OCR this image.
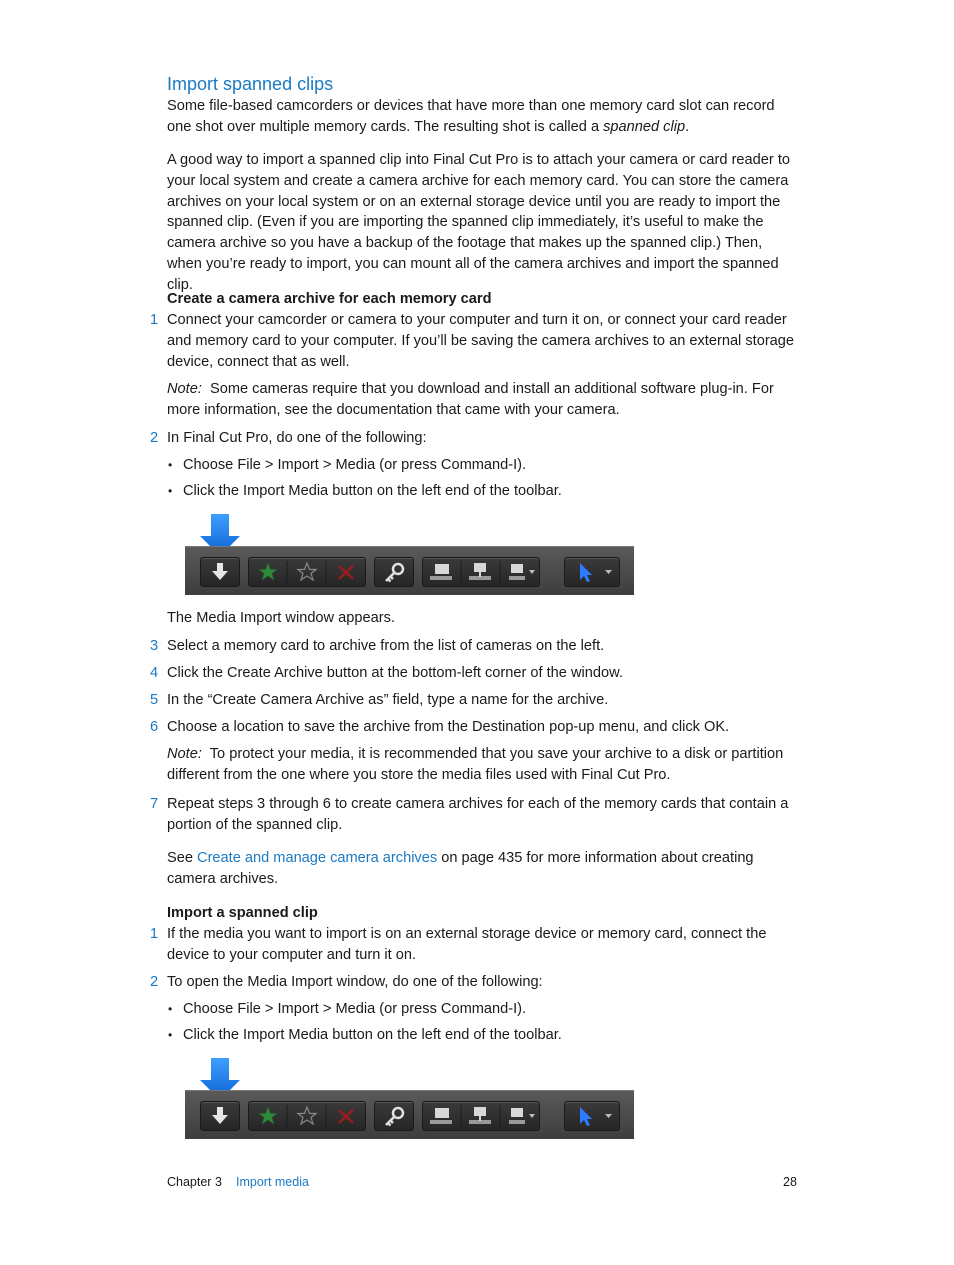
Import spanned clips

Some file-based camcorders or devices that have more than one memory card slot can record one shot over multiple memory cards. The resulting shot is called a spanned clip.

A good way to import a spanned clip into Final Cut Pro is to attach your camera or card reader to your local system and create a camera archive for each memory card. You can store the camera archives on your local system or on an external storage device until you are ready to import the spanned clip. (Even if you are importing the spanned clip immediately, it’s useful to make the camera archive so you have a backup of the footage that makes up the spanned clip.) Then, when you’re ready to import, you can mount all of the camera archives and import the spanned clip.

Create a camera archive for each memory card

1 Connect your camcorder or camera to your computer and turn it on, or connect your card reader and memory card to your computer. If you’ll be saving the camera archives to an external storage device, connect that as well.

Note: Some cameras require that you download and install an additional software plug-in. For more information, see the documentation that came with your camera.

2 In Final Cut Pro, do one of the following:

• Choose File > Import > Media (or press Command-I).

• Click the Import Media button on the left end of the toolbar.

The Media Import window appears.

3 Select a memory card to archive from the list of cameras on the left.

4 Click the Create Archive button at the bottom-left corner of the window.

5 In the “Create Camera Archive as” field, type a name for the archive.

6 Choose a location to save the archive from the Destination pop-up menu, and click OK.

Note: To protect your media, it is recommended that you save your archive to a disk or partition different from the one where you store the media files used with Final Cut Pro.

7 Repeat steps 3 through 6 to create camera archives for each of the memory cards that contain a portion of the spanned clip.

See Create and manage camera archives on page 435 for more information about creating camera archives.

Import a spanned clip

1 If the media you want to import is on an external storage device or memory card, connect the device to your computer and turn it on.

2 To open the Media Import window, do one of the following:

• Choose File > Import > Media (or press Command-I).

• Click the Import Media button on the left end of the toolbar.

Chapter 3 Import media	28
